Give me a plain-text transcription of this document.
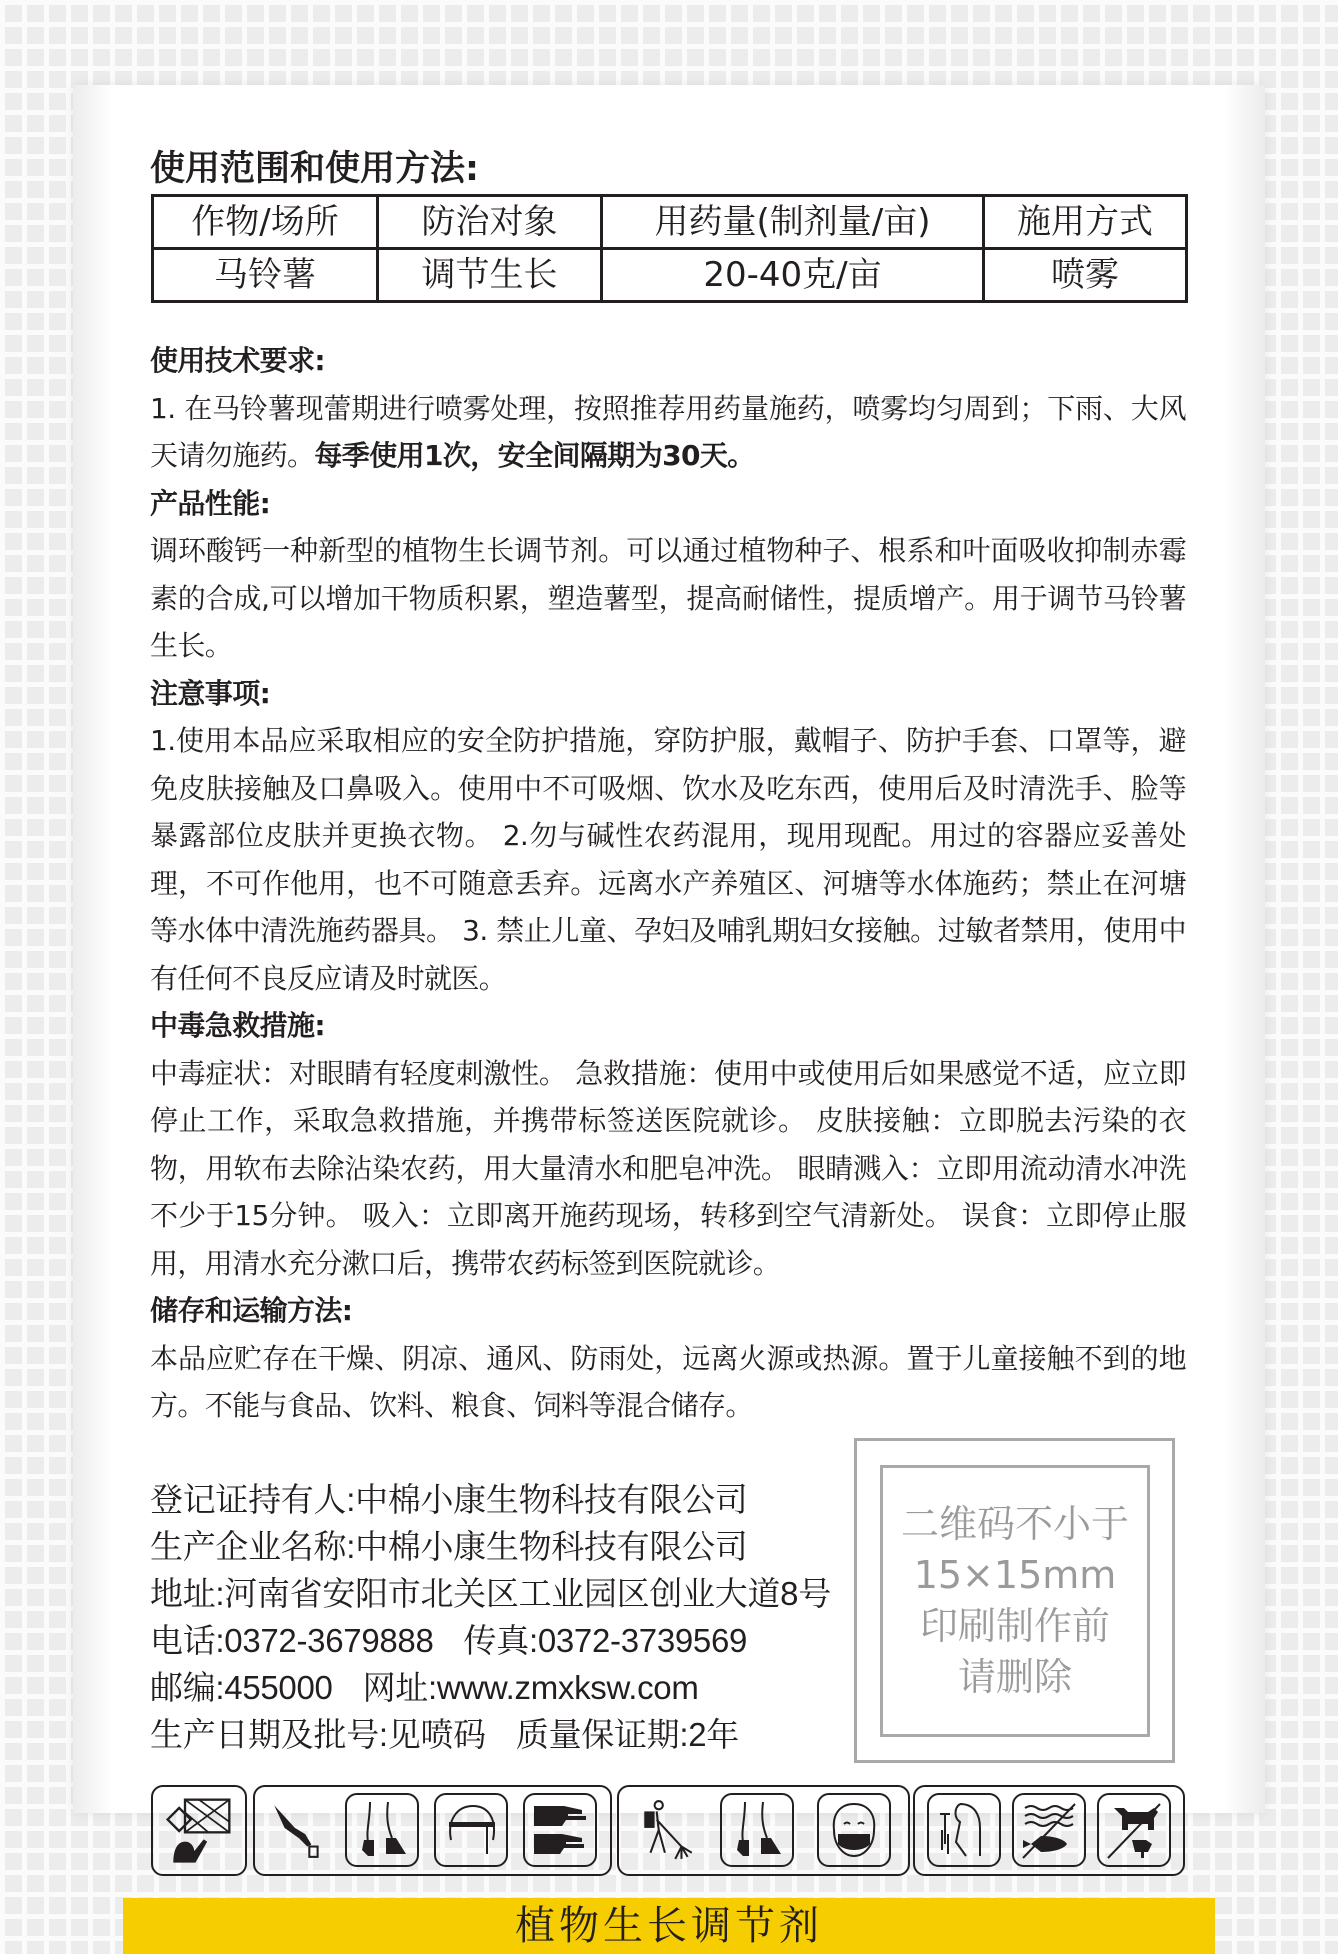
使用范围和使用方法:
作物/场所	防治对象	用药量(制剂量/亩)	施用方式
马铃薯	调节生长	20-40克/亩	喷雾
使用技术要求:

1. 在马铃薯现蕾期进行喷雾处理，按照推荐用药量施药，喷雾均匀周到；下雨、大风天请勿施药。每季使用1次，安全间隔期为30天。

产品性能:

调环酸钙一种新型的植物生长调节剂。可以通过植物种子、根系和叶面吸收抑制赤霉素的合成,可以增加干物质积累，塑造薯型，提高耐储性，提质增产。用于调节马铃薯生长。

注意事项:

1.使用本品应采取相应的安全防护措施，穿防护服，戴帽子、防护手套、口罩等，避免皮肤接触及口鼻吸入。使用中不可吸烟、饮水及吃东西，使用后及时清洗手、脸等暴露部位皮肤并更换衣物。 2.勿与碱性农药混用，现用现配。用过的容器应妥善处理，不可作他用，也不可随意丢弃。远离水产养殖区、河塘等水体施药；禁止在河塘等水体中清洗施药器具。 3. 禁止儿童、孕妇及哺乳期妇女接触。过敏者禁用，使用中有任何不良反应请及时就医。

中毒急救措施:

中毒症状：对眼睛有轻度刺激性。 急救措施：使用中或使用后如果感觉不适，应立即停止工作，采取急救措施，并携带标签送医院就诊。 皮肤接触：立即脱去污染的衣物，用软布去除沾染农药，用大量清水和肥皂冲洗。 眼睛溅入：立即用流动清水冲洗不少于15分钟。 吸入：立即离开施药现场，转移到空气清新处。 误食：立即停止服用，用清水充分漱口后，携带农药标签到医院就诊。

储存和运输方法:

本品应贮存在干燥、阴凉、通风、防雨处，远离火源或热源。置于儿童接触不到的地方。不能与食品、饮料、粮食、饲料等混合储存。

登记证持有人:中棉小康生物科技有限公司
生产企业名称:中棉小康生物科技有限公司
地址:河南省安阳市北关区工业园区创业大道8号
电话:0372-3679888 传真:0372-3739569
邮编:455000 网址:www.zmxksw.com
生产日期及批号:见喷码 质量保证期:2年
二维码不小于
15×15mm
印刷制作前
请删除
植物生长调节剂
